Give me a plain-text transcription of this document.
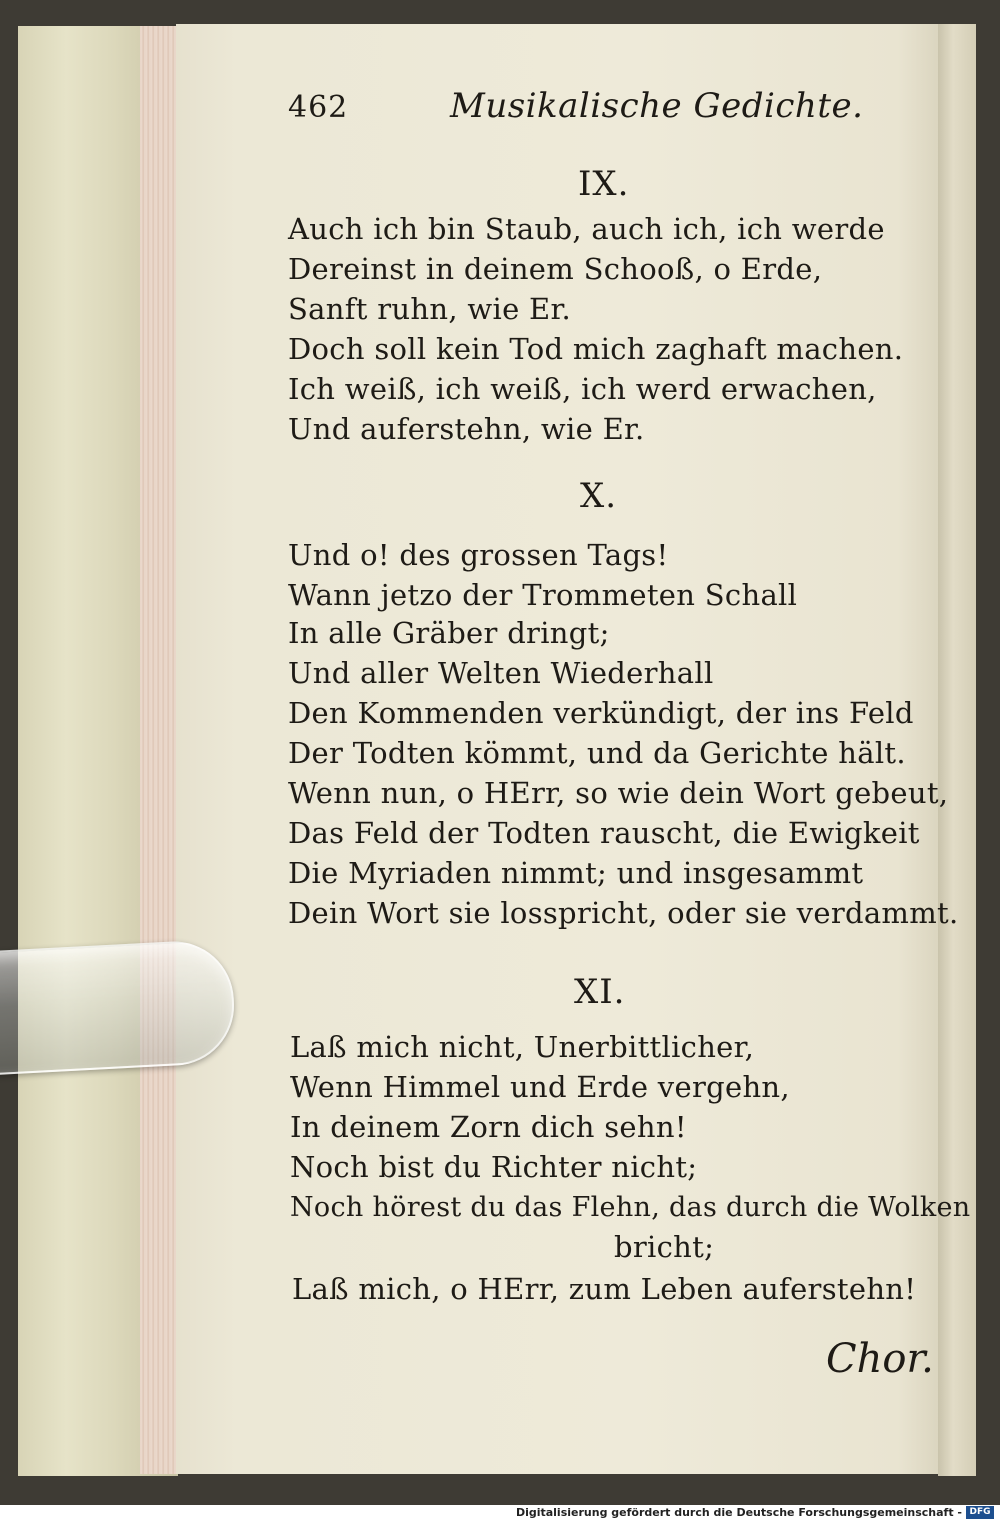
462	Musikalische Gedichte.
IX.
Auch ich bin Staub, auch ich, ich werde
Dereinst in deinem Schooß, o Erde,
Sanft ruhn, wie Er.
Doch soll kein Tod mich zaghaft machen.
Ich weiß, ich weiß, ich werd erwachen,
Und auferstehn, wie Er.
X.
Und o! des grossen Tags!
Wann jetzo der Trommeten Schall
In alle Gräber dringt;
Und aller Welten Wiederhall
Den Kommenden verkündigt, der ins Feld
Der Todten kömmt, und da Gerichte hält.
Wenn nun, o HErr, so wie dein Wort gebeut,
Das Feld der Todten rauscht, die Ewigkeit
Die Myriaden nimmt; und insgesammt
Dein Wort sie losspricht, oder sie verdammt.
XI.
Laß mich nicht, Unerbittlicher,
Wenn Himmel und Erde vergehn,
In deinem Zorn dich sehn!
Noch bist du Richter nicht;
Noch hörest du das Flehn, das durch die Wolken
bricht;
Laß mich, o HErr, zum Leben auferstehn!
Chor.
Digitalisierung gefördert durch die Deutsche Forschungsgemeinschaft - DFG
